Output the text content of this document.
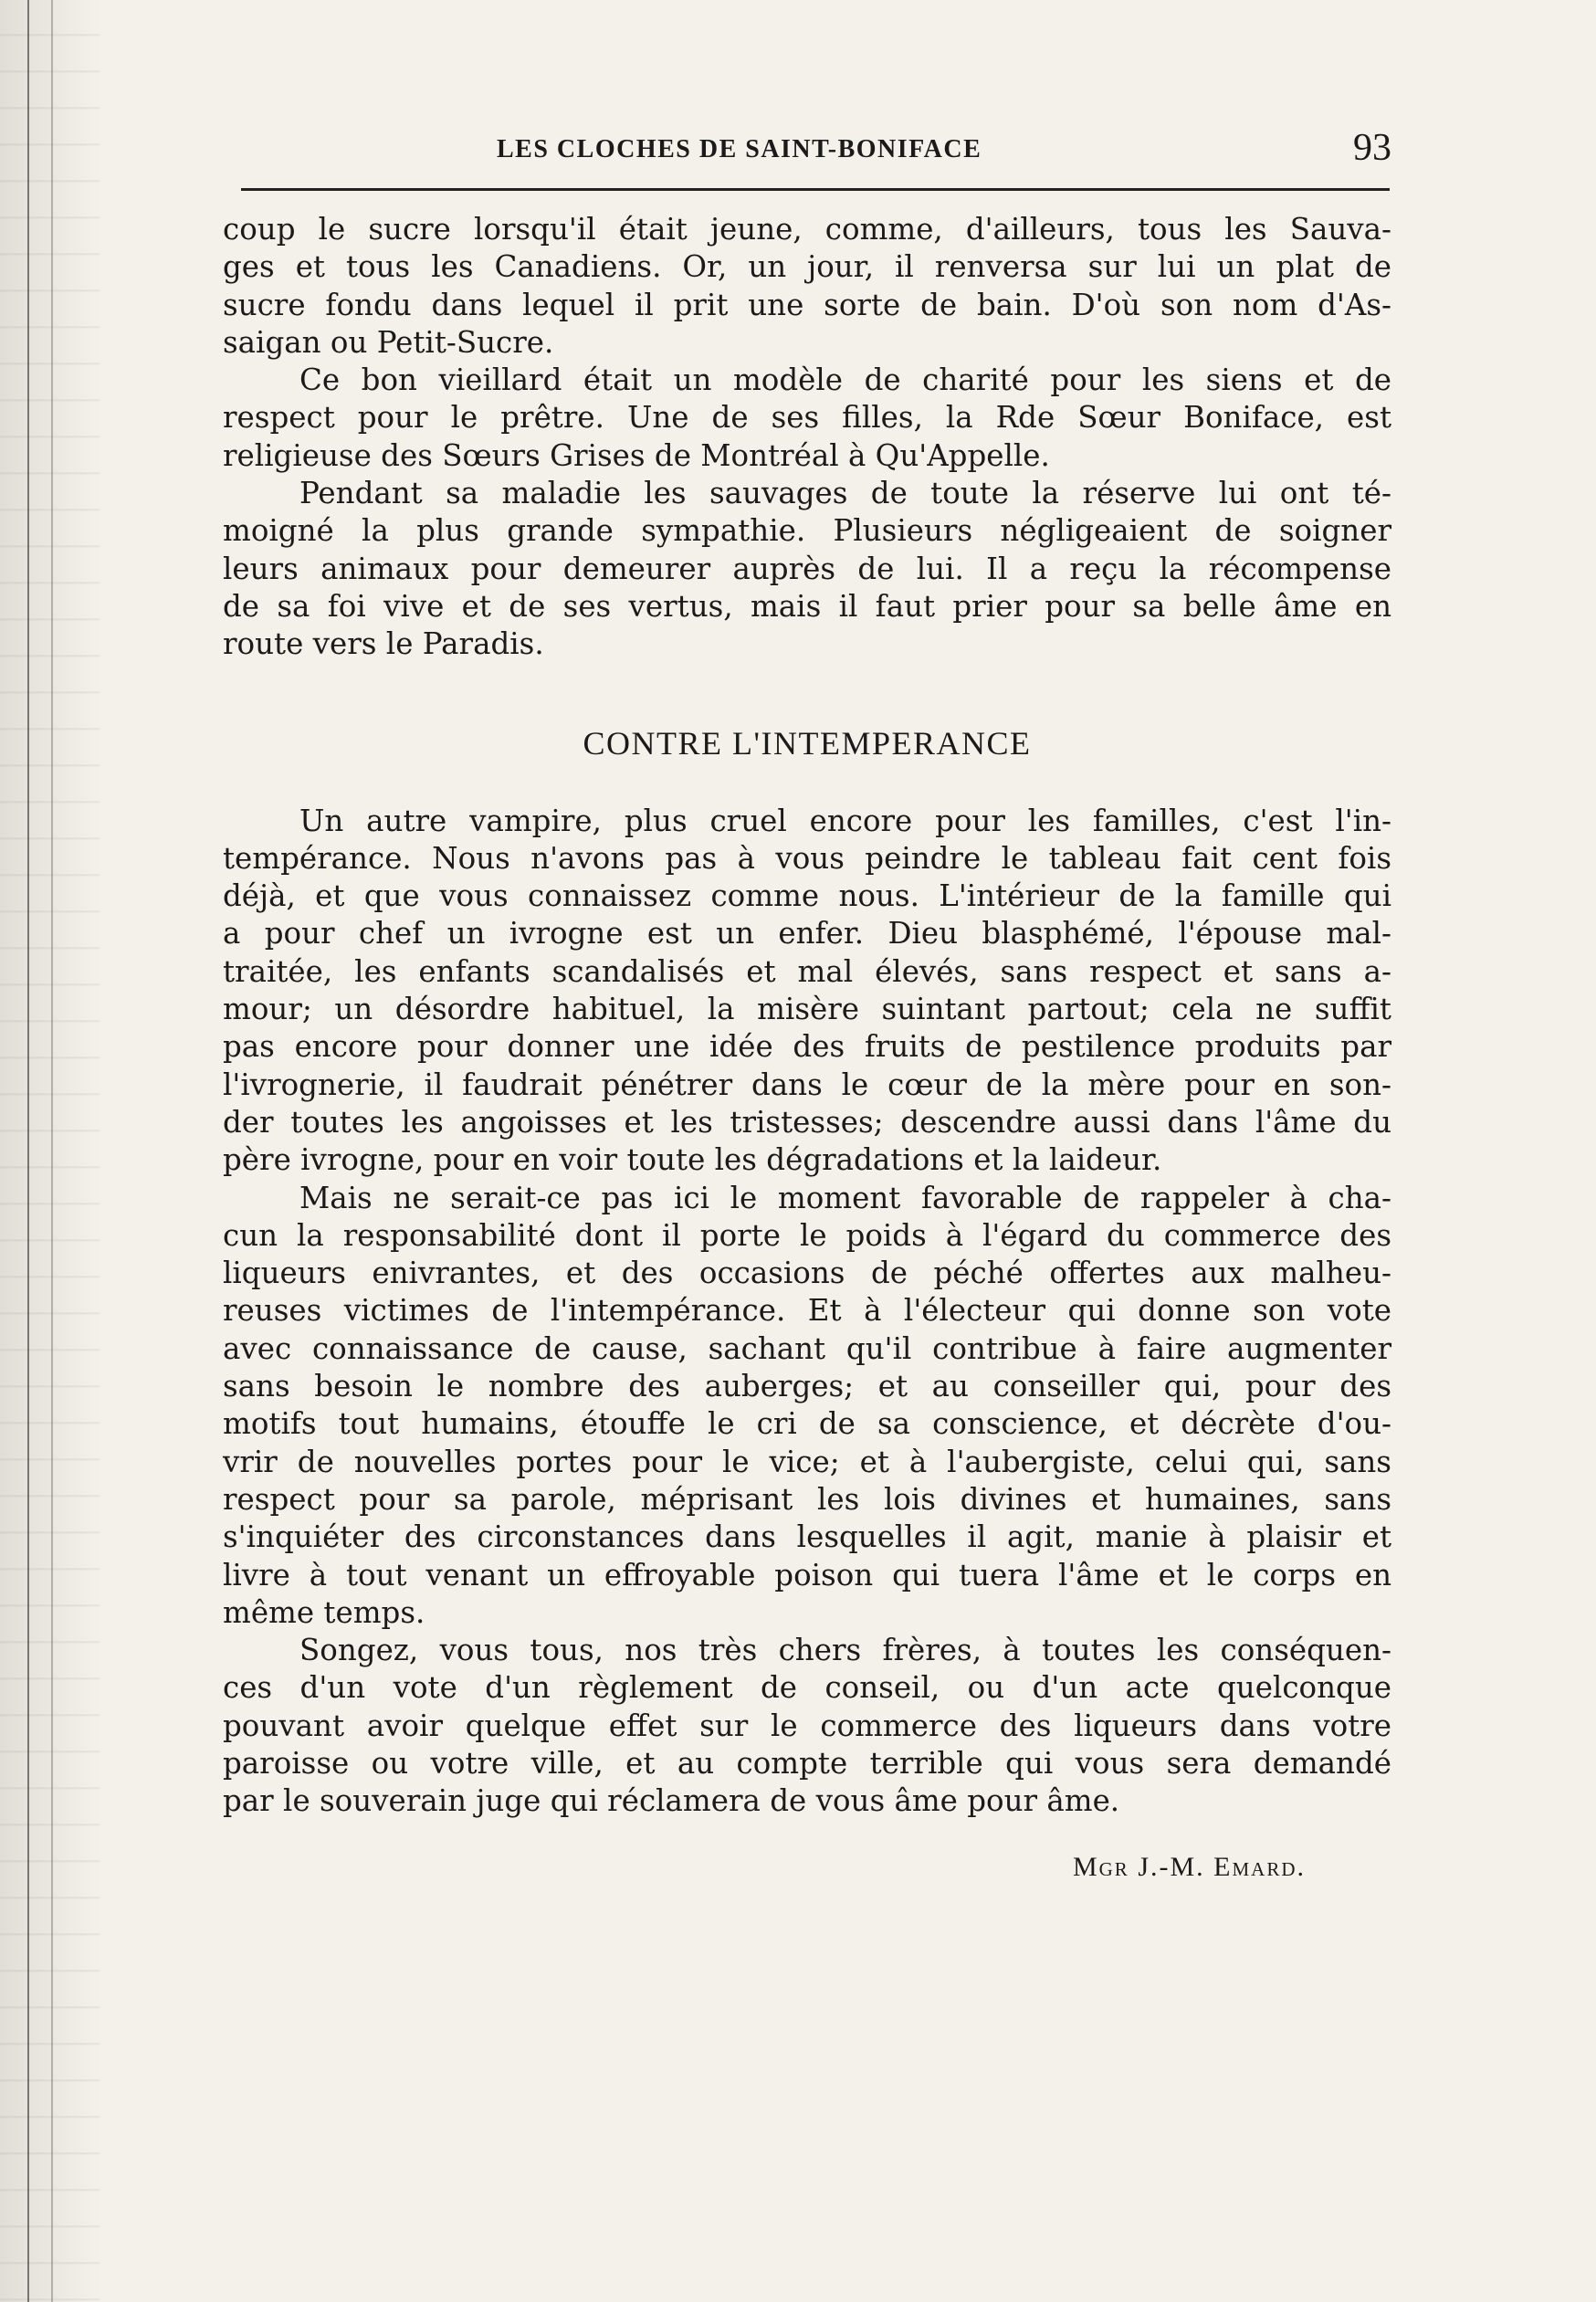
LES CLOCHES DE SAINT-BONIFACE	93
coup le sucre lorsqu'il était jeune, comme, d'ailleurs, tous les Sauva-
ges et tous les Canadiens. Or, un jour, il renversa sur lui un plat de
sucre fondu dans lequel il prit une sorte de bain. D'où son nom d'As-
saigan ou Petit-Sucre.
Ce bon vieillard était un modèle de charité pour les siens et de
respect pour le prêtre. Une de ses filles, la Rde Sœur Boniface, est
religieuse des Sœurs Grises de Montréal à Qu'Appelle.
Pendant sa maladie les sauvages de toute la réserve lui ont té-
moigné la plus grande sympathie. Plusieurs négligeaient de soigner
leurs animaux pour demeurer auprès de lui. Il a reçu la récompense
de sa foi vive et de ses vertus, mais il faut prier pour sa belle âme en
route vers le Paradis.
CONTRE L'INTEMPERANCE
Un autre vampire, plus cruel encore pour les familles, c'est l'in-
tempérance. Nous n'avons pas à vous peindre le tableau fait cent fois
déjà, et que vous connaissez comme nous. L'intérieur de la famille qui
a pour chef un ivrogne est un enfer. Dieu blasphémé, l'épouse mal-
traitée, les enfants scandalisés et mal élevés, sans respect et sans a-
mour; un désordre habituel, la misère suintant partout; cela ne suffit
pas encore pour donner une idée des fruits de pestilence produits par
l'ivrognerie, il faudrait pénétrer dans le cœur de la mère pour en son-
der toutes les angoisses et les tristesses; descendre aussi dans l'âme du
père ivrogne, pour en voir toute les dégradations et la laideur.
Mais ne serait-ce pas ici le moment favorable de rappeler à cha-
cun la responsabilité dont il porte le poids à l'égard du commerce des
liqueurs enivrantes, et des occasions de péché offertes aux malheu-
reuses victimes de l'intempérance. Et à l'électeur qui donne son vote
avec connaissance de cause, sachant qu'il contribue à faire augmenter
sans besoin le nombre des auberges; et au conseiller qui, pour des
motifs tout humains, étouffe le cri de sa conscience, et décrète d'ou-
vrir de nouvelles portes pour le vice; et à l'aubergiste, celui qui, sans
respect pour sa parole, méprisant les lois divines et humaines, sans
s'inquiéter des circonstances dans lesquelles il agit, manie à plaisir et
livre à tout venant un effroyable poison qui tuera l'âme et le corps en
même temps.
Songez, vous tous, nos très chers frères, à toutes les conséquen-
ces d'un vote d'un règlement de conseil, ou d'un acte quelconque
pouvant avoir quelque effet sur le commerce des liqueurs dans votre
paroisse ou votre ville, et au compte terrible qui vous sera demandé
par le souverain juge qui réclamera de vous âme pour âme.
Mgr J.-M. Emard.
